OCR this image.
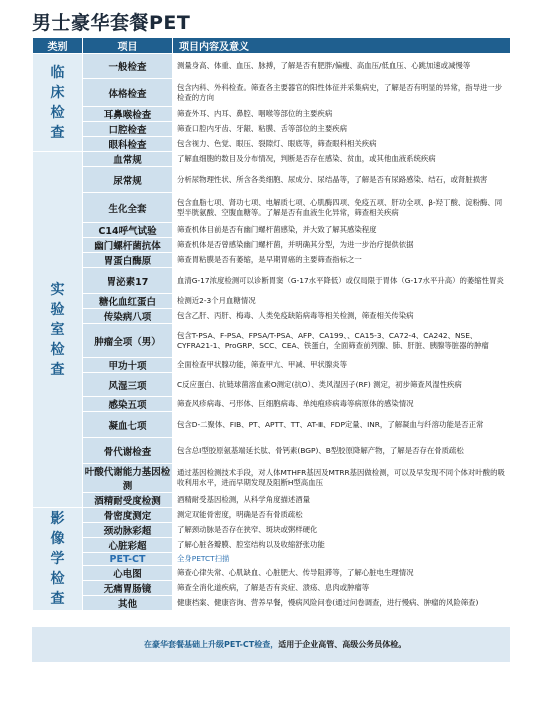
男士豪华套餐PET
类别	项目	项目内容及意义

临床检查	一般检查	测量身高、体重、血压、脉搏，了解是否有肥胖/偏瘦、高血压/低血压、心跳加速或减慢等
	体格检查	包含内科、外科检查。筛查各主要器官的阳性体征并采集病史，了解是否有明显的异常，指导进一步检查的方向
	耳鼻喉检查	筛查外耳、内耳、鼻腔、咽喉等部位的主要疾病
	口腔检查	筛查口腔内牙齿、牙龈、粘膜、舌等部位的主要疾病
	眼科检查	包含视力、色觉、眼压、裂隙灯、眼底等，筛查眼科相关疾病

实验室检查	血常规	了解血细胞的数目及分布情况，判断是否存在感染、贫血，或其他血液系统疾病
	尿常规	分析尿物理性状、所含各类细胞、尿成分、尿结晶等，了解是否有尿路感染、结石，或肾脏损害
	生化全套	包含血脂七项、肾功七项、电解质七项、心肌酶四项、免疫五项、肝功全项、β-羟丁酸、淀粉酶、同型半胱氨酸、空腹血糖等。了解是否有血液生化异常，筛查相关疾病
	C14呼气试验	筛查机体目前是否有幽门螺杆菌感染，并大致了解其感染程度
	幽门螺杆菌抗体	筛查机体是否曾感染幽门螺杆菌，并明确其分型，为进一步治疗提供依据
	胃蛋白酶原	筛查胃粘膜是否有萎缩，是早期胃癌的主要筛查指标之一
	胃泌素17	血清G-17浓度检测可以诊断胃窦（G-17水平降低）或仅局限于胃体（G-17水平升高）的萎缩性胃炎
	糖化血红蛋白	检测近2-3个月血糖情况
	传染病八项	包含乙肝、丙肝、梅毒、人类免疫缺陷病毒等相关检测，筛查相关传染病
	肿瘤全项（男）	包含T-PSA、F-PSA、FPSA/T-PSA、AFP、CA199、、CA15-3、CA72-4、CA242、NSE、CYFRA21-1、ProGRP、SCC、CEA、铁蛋白，全面筛查前列腺、肺、肝脏、胰腺等脏器的肿瘤
	甲功十项	全面检查甲状腺功能，筛查甲亢、甲减、甲状腺炎等
	风湿三项	C反应蛋白、抗链球菌溶血素O测定(抗O）、类风湿因子(RF) 测定，初步筛查风湿性疾病
	感染五项	筛查风疹病毒、弓形体、巨细胞病毒、单纯疱疹病毒等病原体的感染情况
	凝血七项	包含D-二聚体、FIB、PT、APTT、TT、AT-Ⅲ、FDP定量、INR，了解凝血与纤溶功能是否正常
	骨代谢检查	包含总I型胶原氨基端延长肽、骨钙素(BGP)、B型胶原降解产物，了解是否存在骨质疏松
	叶酸代谢能力基因检测	通过基因检测技术手段，对人体MTHFR基因及MTRR基因做检测，可以及早发现不同个体对叶酸的吸收利用水平，进而早期发现及阻断H型高血压
	酒精耐受度检测	酒精耐受基因检测，从科学角度描述酒量

影像学检查	骨密度测定	测定双能骨密度，明确是否有骨质疏松
	颈动脉彩超	了解颈动脉是否存在狭窄、斑块或粥样硬化
	心脏彩超	了解心脏各瓣膜、腔室结构以及收缩舒张功能
	PET-CT	全身PETCT扫描
	心电图	筛查心律失常、心肌缺血、心脏肥大、传导阻滞等，了解心脏电生理情况
	无痛胃肠镜	筛查全消化道疾病，了解是否有炎症、溃疡、息肉或肿瘤等
	其他	健康档案、健康咨询、营养早餐，慢病风险问卷(通过问卷调查，进行慢病、肿瘤的风险筛查)
在豪华套餐基础上升级PET-CT检查， 适用于企业高管、高级公务员体检。
